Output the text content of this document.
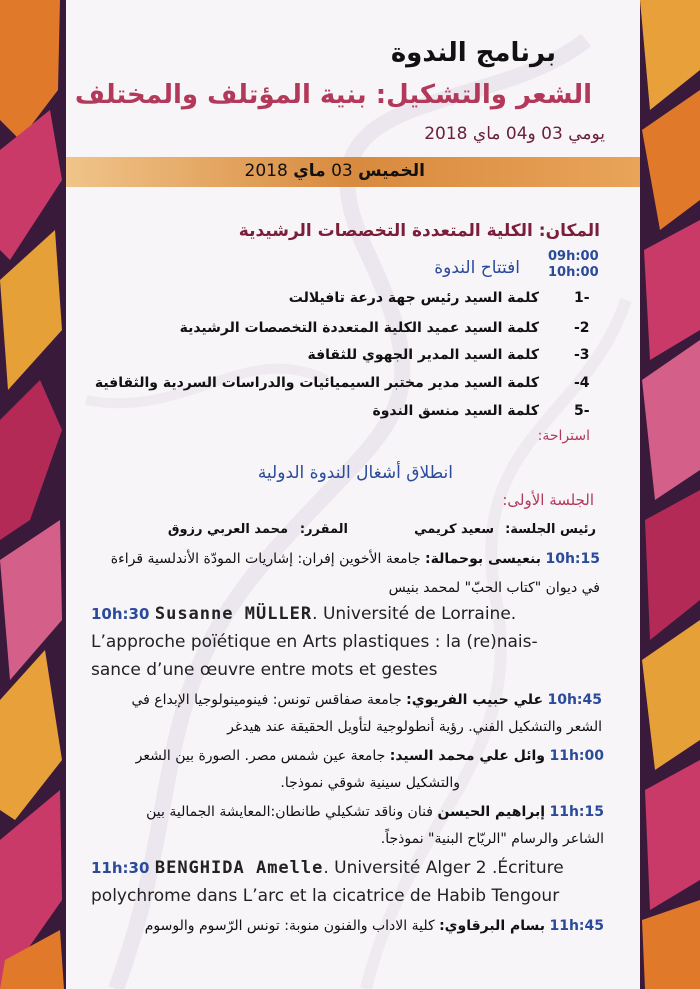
برنامج الندوة
الشعر والتشكيل: بنية المؤتلف والمختلف
يومي 03 و04 ماي 2018
الخميس 03 ماي 2018
المكان: الكلية المتعددة التخصصات الرشيدية
09h:00
10h:00
افتتاح الندوة
1-
كلمة السيد رئيس جهة درعة تافيلالت
-2
كلمة السيد عميد الكلية المتعددة التخصصات الرشيدية
-3
كلمة السيد المدير الجهوي للثقافة
-4
كلمة السيد مدير مختبر السيميائيات والدراسات السردية والثقافية
5-
كلمة السيد منسق الندوة
استراحة:
انطلاق أشغال الندوة الدولية
الجلسة الأولى:
رئيس الجلسة:
سعيد كريمي
المقرر:
محمد العربي رزوق
10h:15 بنعيسى بوحمالة: جامعة الأخوين إفران: إشاريات المودّة الأندلسية قراءة
في ديوان "كتاب الحبّ" لمحمد بنيس
10h:30 Susanne MÜLLER. Université de Lorraine.
L’approche poïétique en Arts plastiques : la (re)nais-
sance d’une œuvre entre mots et gestes
10h:45 علي حبيب الفريوي: جامعة صفاقس تونس: فينومينولوجيا الإبداع في
الشعر والتشكيل الفني. رؤية أنطولوجية لتأويل الحقيقة عند هيدغر
11h:00 وائل علي محمد السيد: جامعة عين شمس مصر. الصورة بين الشعر
والتشكيل سينية شوقي نموذجا.
11h:15 إبراهيم الحيسن فنان وناقد تشكيلي طانطان:المعايشة الجمالية بين
الشاعر والرسام "الريّاح البنية" نموذجاً.
11h:30 BENGHIDA Amelle. Université Alger 2 .Écriture
polychrome dans L’arc et la cicatrice de Habib Tengour
11h:45 بسام البرقاوي: كلية الاداب والفنون منوبة: تونس الرّسوم والوسوم
